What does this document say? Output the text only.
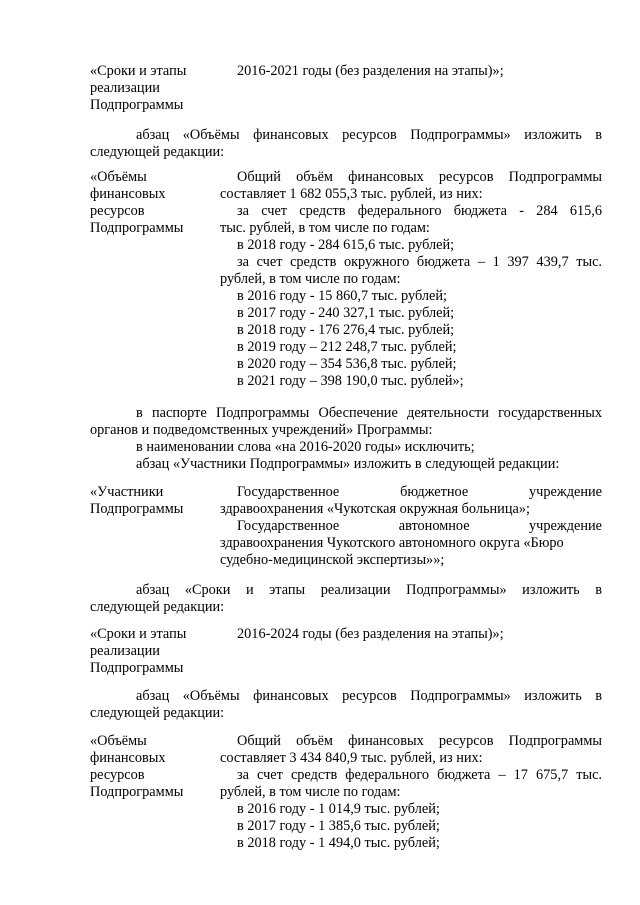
«Сроки и этапы
реализации
Подпрограммы
2016-2021 годы (без разделения на этапы)»;
абзац «Объёмы финансовых ресурсов Подпрограммы» изложить в
следующей редакции:
«Объёмы
финансовых
ресурсов
Подпрограммы
Общий объём финансовых ресурсов Подпрограммы
составляет 1 682 055,3 тыс. рублей, из них:
за счет средств федерального бюджета - 284 615,6
тыс. рублей, в том числе по годам:
в 2018 году - 284 615,6 тыс. рублей;
за счет средств окружного бюджета – 1 397 439,7 тыс.
рублей, в том числе по годам:
в 2016 году - 15 860,7 тыс. рублей;
в 2017 году - 240 327,1 тыс. рублей;
в 2018 году - 176 276,4 тыс. рублей;
в 2019 году – 212 248,7 тыс. рублей;
в 2020 году – 354 536,8 тыс. рублей;
в 2021 году – 398 190,0 тыс. рублей»;
в паспорте Подпрограммы Обеспечение деятельности государственных
органов и подведомственных учреждений» Программы:
в наименовании слова «на 2016-2020 годы» исключить;
абзац «Участники Подпрограммы» изложить в следующей редакции:
«Участники
Подпрограммы
Государственное бюджетное учреждение
здравоохранения «Чукотская окружная больница»;
Государственное автономное учреждение
здравоохранения Чукотского автономного округа «Бюро
судебно-медицинской экспертизы»»;
абзац «Сроки и этапы реализации Подпрограммы» изложить в
следующей редакции:
«Сроки и этапы
реализации
Подпрограммы
2016-2024 годы (без разделения на этапы)»;
абзац «Объёмы финансовых ресурсов Подпрограммы» изложить в
следующей редакции:
«Объёмы
финансовых
ресурсов
Подпрограммы
Общий объём финансовых ресурсов Подпрограммы
составляет 3 434 840,9 тыс. рублей, из них:
за счет средств федерального бюджета – 17 675,7 тыс.
рублей, в том числе по годам:
в 2016 году - 1 014,9 тыс. рублей;
в 2017 году - 1 385,6 тыс. рублей;
в 2018 году - 1 494,0 тыс. рублей;
